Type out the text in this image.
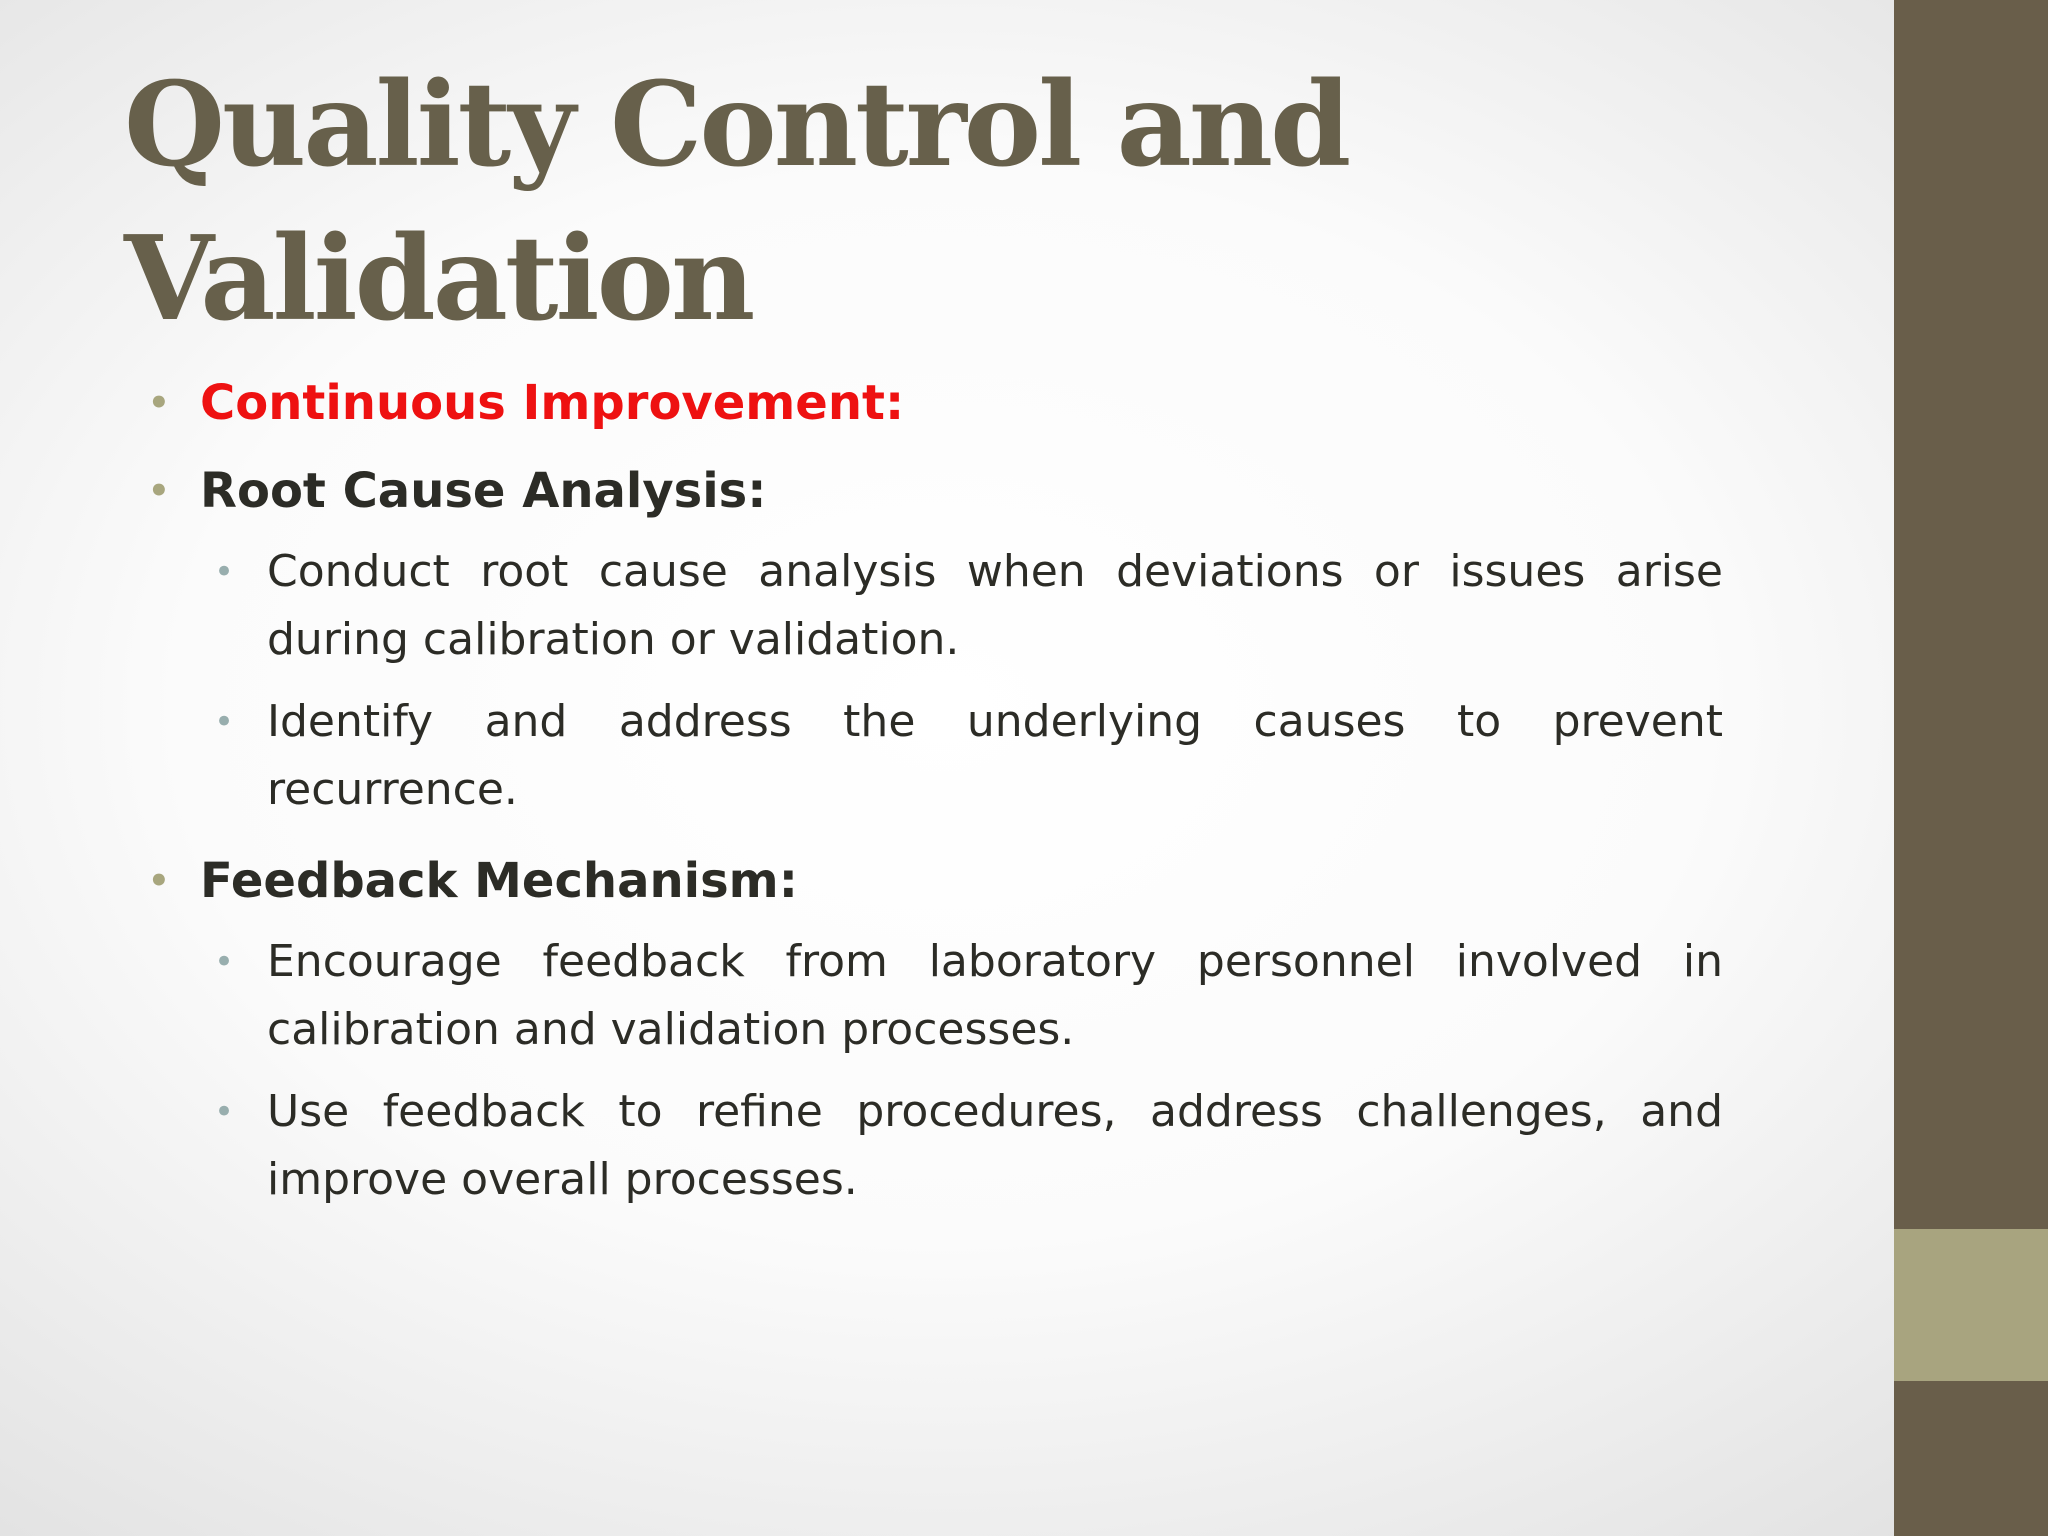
Quality Control and
Validation
• Continuous Improvement:
• Root Cause Analysis:
• Conduct root cause analysis when deviations or issues arise during calibration or validation.
• Identify and address the underlying causes to prevent recurrence.
• Feedback Mechanism:
• Encourage feedback from laboratory personnel involved in calibration and validation processes.
• Use feedback to refine procedures, address challenges, and improve overall processes.
